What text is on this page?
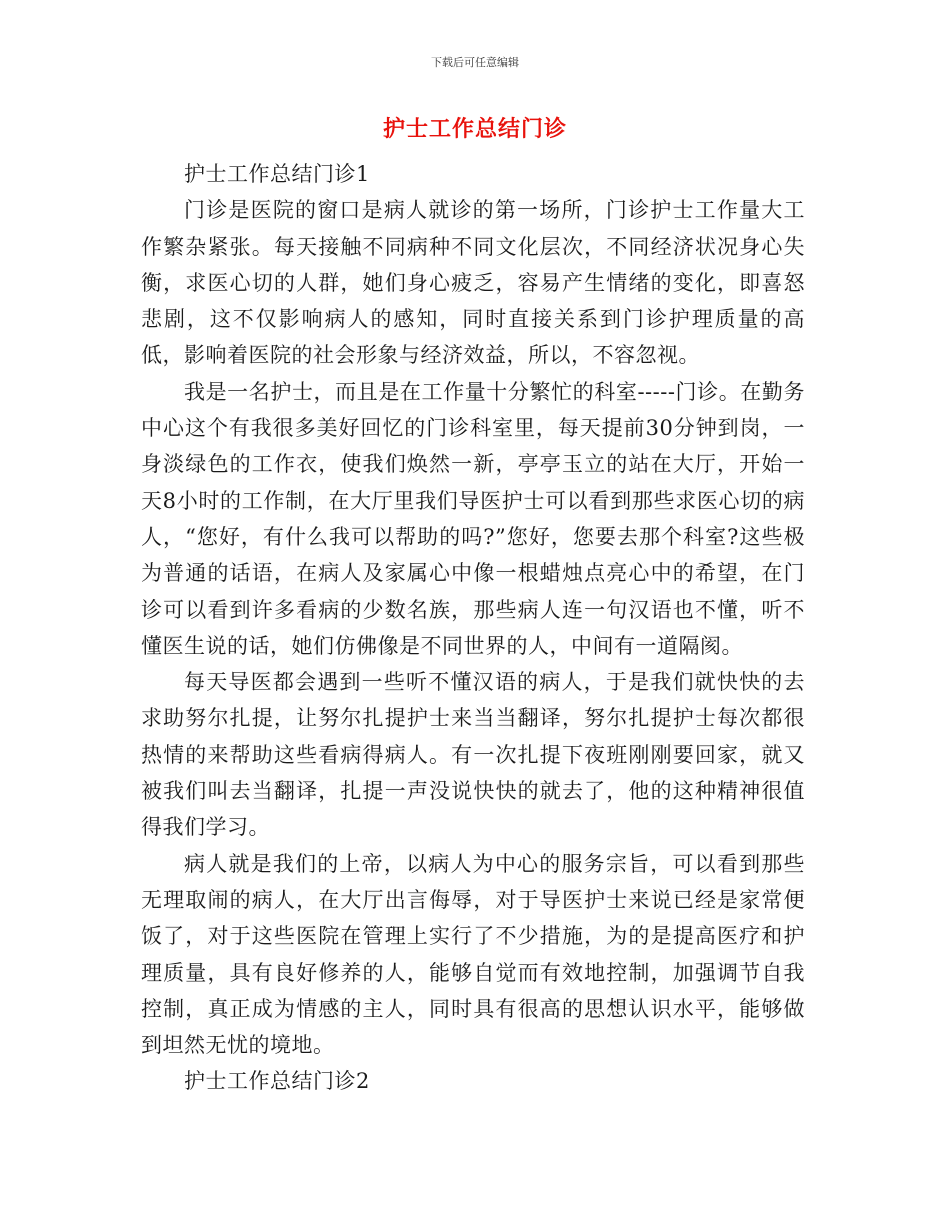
下载后可任意编辑
护士工作总结门诊

护士工作总结门诊1

门诊是医院的窗口是病人就诊的第一场所，门诊护士工作量大工作繁杂紧张。每天接触不同病种不同文化层次，不同经济状况身心失衡，求医心切的人群，她们身心疲乏，容易产生情绪的变化，即喜怒悲剧，这不仅影响病人的感知，同时直接关系到门诊护理质量的高低，影响着医院的社会形象与经济效益，所以，不容忽视。

我是一名护士，而且是在工作量十分繁忙的科室-----门诊。在勤务中心这个有我很多美好回忆的门诊科室里，每天提前30分钟到岗，一身淡绿色的工作衣，使我们焕然一新，亭亭玉立的站在大厅，开始一天8小时的工作制，在大厅里我们导医护士可以看到那些求医心切的病人，“您好，有什么我可以帮助的吗?”您好，您要去那个科室?这些极为普通的话语，在病人及家属心中像一根蜡烛点亮心中的希望，在门诊可以看到许多看病的少数名族，那些病人连一句汉语也不懂，听不懂医生说的话，她们仿佛像是不同世界的人，中间有一道隔阂。

每天导医都会遇到一些听不懂汉语的病人，于是我们就快快的去求助努尔扎提，让努尔扎提护士来当当翻译，努尔扎提护士每次都很热情的来帮助这些看病得病人。有一次扎提下夜班刚刚要回家，就又被我们叫去当翻译，扎提一声没说快快的就去了，他的这种精神很值得我们学习。

病人就是我们的上帝，以病人为中心的服务宗旨，可以看到那些无理取闹的病人，在大厅出言侮辱，对于导医护士来说已经是家常便饭了，对于这些医院在管理上实行了不少措施，为的是提高医疗和护理质量，具有良好修养的人，能够自觉而有效地控制，加强调节自我控制，真正成为情感的主人，同时具有很高的思想认识水平，能够做到坦然无忧的境地。

护士工作总结门诊2
